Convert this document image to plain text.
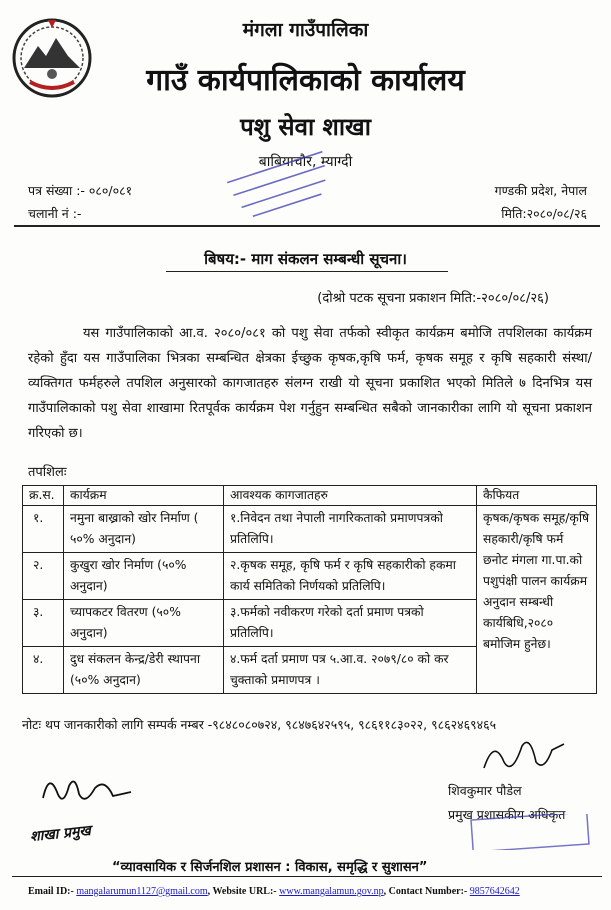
मंगला गाउँपालिका
गाउँ कार्यपालिकाको कार्यालय
पशु सेवा शाखा
बाबियाचौर, म्याग्दी
पत्र संख्या :- ०८०/०८१
चलानी नं :-
गण्डकी प्रदेश, नेपाल
मिति:२०८०/०८/२६
बिषय:- माग संकलन सम्बन्धी सूचना।
(दोश्रो पटक सूचना प्रकाशन मिति:-२०८०/०८/२६)
यस गाउँपालिकाको आ.व. २०८०/०८१ को पशु सेवा तर्फको स्वीकृत कार्यक्रम बमोजि तपशिलका कार्यक्रम रहेको हुँदा यस गाउँपालिका भित्रका सम्बन्धित क्षेत्रका ईच्छुक कृषक,कृषि फर्म, कृषक समूह र कृषि सहकारी संस्था/व्यक्तिगत फर्महरुले तपशिल अनुसारको कागजातहरु संलग्न राखी यो सूचना प्रकाशित भएको मितिले ७ दिनभित्र यस गाउँपालिकाको पशु सेवा शाखामा रितपूर्वक कार्यक्रम पेश गर्नुहुन सम्बन्धित सबैको जानकारीका लागि यो सूचना प्रकाशन गरिएको छ।
तपशिलः
क्र.स.	कार्यक्रम	आवश्यक कागजातहरु	कैफियत
१.	नमुना बाख्राको खोर निर्माण ( ५०% अनुदान)	१.निवेदन तथा नेपाली नागरिकताको प्रमाणपत्रको प्रतिलिपि।	कृषक/कृषक समूह/कृषि सहकारी/कृषि फर्म छनोट मंगला गा.पा.को पशुपंक्षी पालन कार्यक्रम अनुदान सम्बन्धी कार्यबिधि,२०८० बमोजिम हुनेछ।
२.	कुखुरा खोर निर्माण (५०% अनुदान)	२.कृषक समूह, कृषि फर्म र कृषि सहकारीको हकमा कार्य समितिको निर्णयको प्रतिलिपि।	
३.	च्यापकटर वितरण (५०% अनुदान)	३.फर्मको नवीकरण गरेको दर्ता प्रमाण पत्रको प्रतिलिपि।	
४.	दुध संकलन केन्द्र/डेरी स्थापना (५०% अनुदान)	४.फर्म दर्ता प्रमाण पत्र ५.आ.व. २०७९/८० को कर चुक्ताको प्रमाणपत्र ।	
नोटः थप जानकारीको लागि सम्पर्क नम्बर -९८४८०८०७२४, ९८४७६४२५९५, ९८६११८३०२२, ९८६२४६९४६५
शाखा प्रमुख
शिवकुमार पौडेल
प्रमुख प्रशासकीय अधिकृत
“व्यावसायिक र सिर्जनशिल प्रशासन : विकास, समृद्धि र सुशासन”
Email ID:- mangalarumun1127@gmail.com, Website URL:- www.mangalamun.gov.np, Contact Number:- 9857642642
